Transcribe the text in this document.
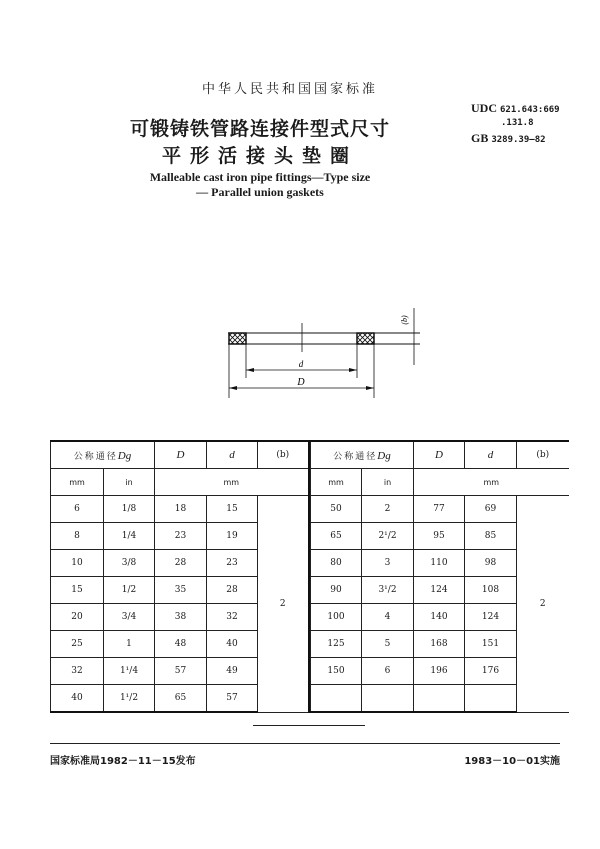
中华人民共和国国家标准
可锻铸铁管路连接件型式尺寸
平形活接头垫圈
Malleable cast iron pipe fittings—Type size
— Parallel union gaskets
UDC 621.643:669
.131.8
GB 3289.39—82
d
D
(b)
公称通径Dg		D	d	(b)
mm	in	mm		
6	1/8	18	15	2
8	1/4	23	19	
10	3/8	28	23	
15	1/2	35	28	
20	3/4	38	32	
25	1	48	40	
32	1¹/4	57	49	
40	1¹/2	65	57	
公称通径Dg		D	d	(b)
mm	in	mm		
50	2	77	69	2
65	2¹/2	95	85	
80	3	110	98	
90	3¹/2	124	108	
100	4	140	124	
125	5	168	151	
150	6	196	176	

国家标准局1982－11－15发布	1983－10－01实施
